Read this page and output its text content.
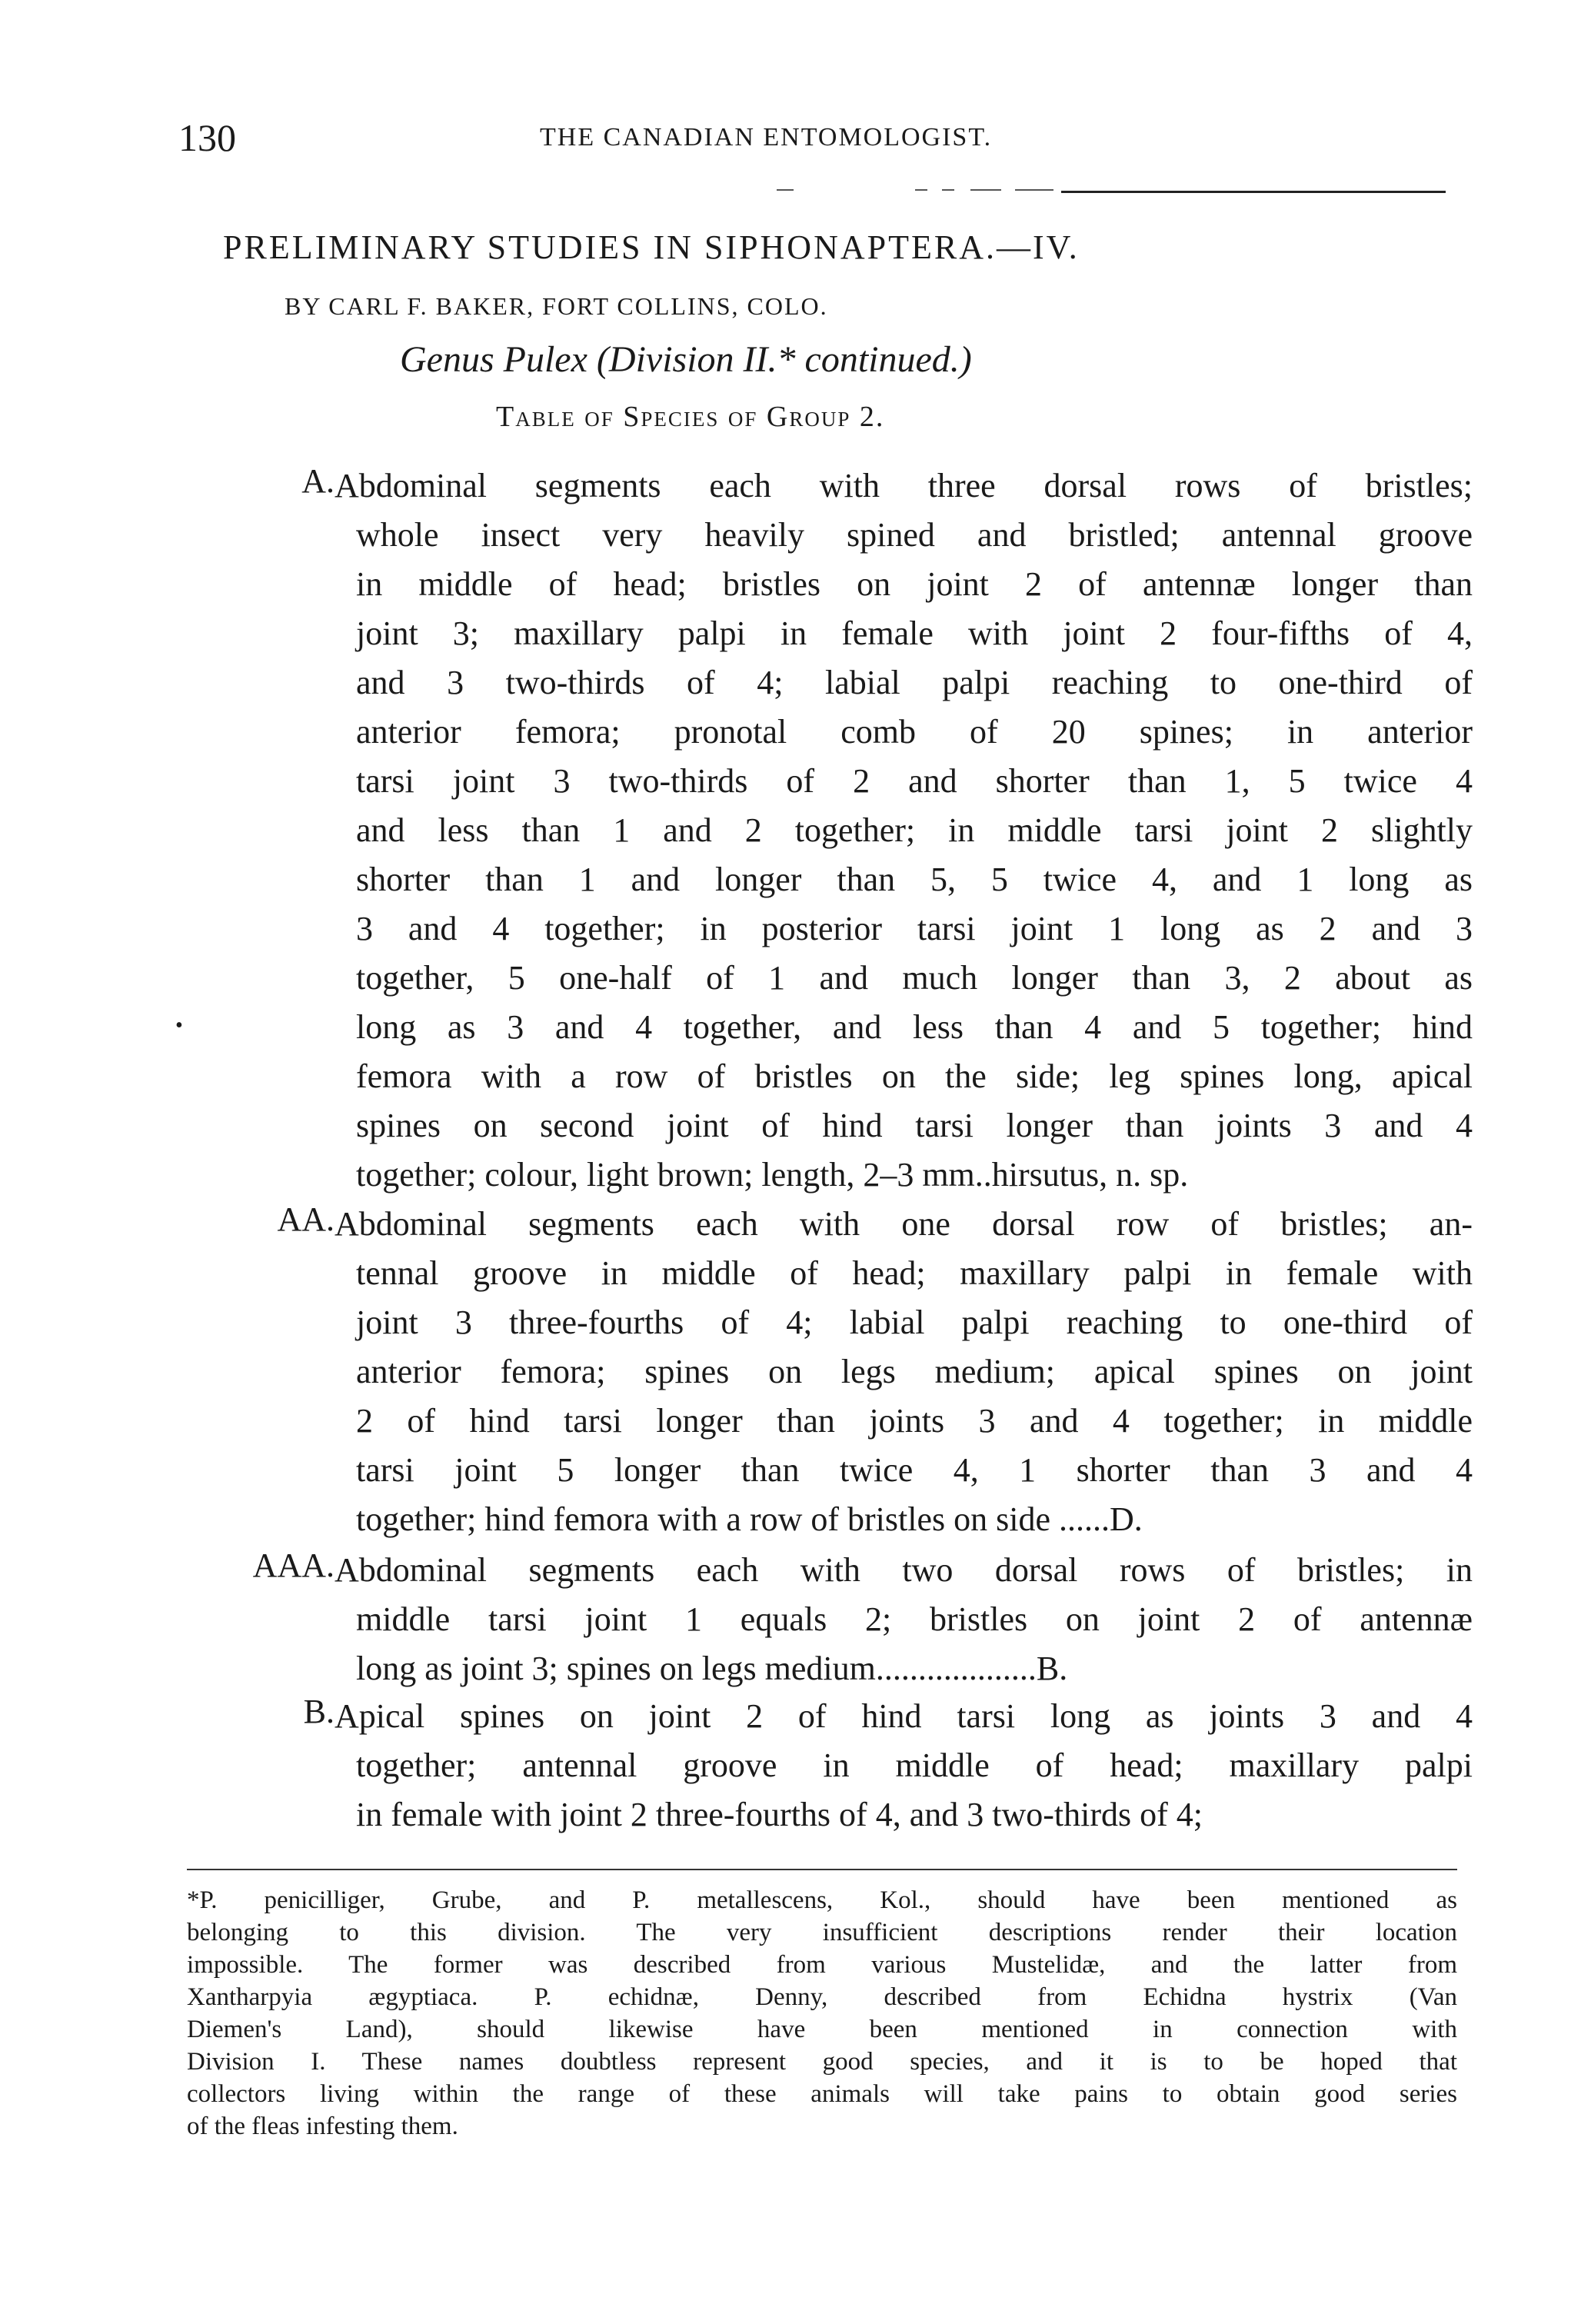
130	THE CANADIAN ENTOMOLOGIST.
PRELIMINARY STUDIES IN SIPHONAPTERA.—IV.
BY CARL F. BAKER, FORT COLLINS, COLO.
Genus Pulex (Division II.* continued.)
Table of Species of Group 2.
A. Abdominal segments each with three dorsal rows of bristles;
whole insect very heavily spined and bristled; antennal groove
in middle of head; bristles on joint 2 of antennæ longer than
joint 3; maxillary palpi in female with joint 2 four-fifths of 4,
and 3 two-thirds of 4; labial palpi reaching to one-third of
anterior femora; pronotal comb of 20 spines; in anterior
tarsi joint 3 two-thirds of 2 and shorter than 1, 5 twice 4
and less than 1 and 2 together; in middle tarsi joint 2 slightly
shorter than 1 and longer than 5, 5 twice 4, and 1 long as
3 and 4 together; in posterior tarsi joint 1 long as 2 and 3
together, 5 one-half of 1 and much longer than 3, 2 about as
long as 3 and 4 together, and less than 4 and 5 together; hind
femora with a row of bristles on the side; leg spines long, apical
spines on second joint of hind tarsi longer than joints 3 and 4
together; colour, light brown; length, 2–3 mm..hirsutus, n. sp.
•
AA. Abdominal segments each with one dorsal row of bristles; an-
tennal groove in middle of head; maxillary palpi in female with
joint 3 three-fourths of 4; labial palpi reaching to one-third of
anterior femora; spines on legs medium; apical spines on joint
2 of hind tarsi longer than joints 3 and 4 together; in middle
tarsi joint 5 longer than twice 4, 1 shorter than 3 and 4
together; hind femora with a row of bristles on side ......D.
AAA. Abdominal segments each with two dorsal rows of bristles; in
middle tarsi joint 1 equals 2; bristles on joint 2 of antennæ
long as joint 3; spines on legs medium...................B.
B. Apical spines on joint 2 of hind tarsi long as joints 3 and 4
together; antennal groove in middle of head; maxillary palpi
in female with joint 2 three-fourths of 4, and 3 two-thirds of 4;
*P. penicilliger, Grube, and P. metallescens, Kol., should have been mentioned as
belonging to this division. The very insufficient descriptions render their location
impossible. The former was described from various Mustelidæ, and the latter from
Xantharpyia ægyptiaca. P. echidnæ, Denny, described from Echidna hystrix (Van
Diemen's Land), should likewise have been mentioned in connection with
Division I. These names doubtless represent good species, and it is to be hoped that
collectors living within the range of these animals will take pains to obtain good series
of the fleas infesting them.
